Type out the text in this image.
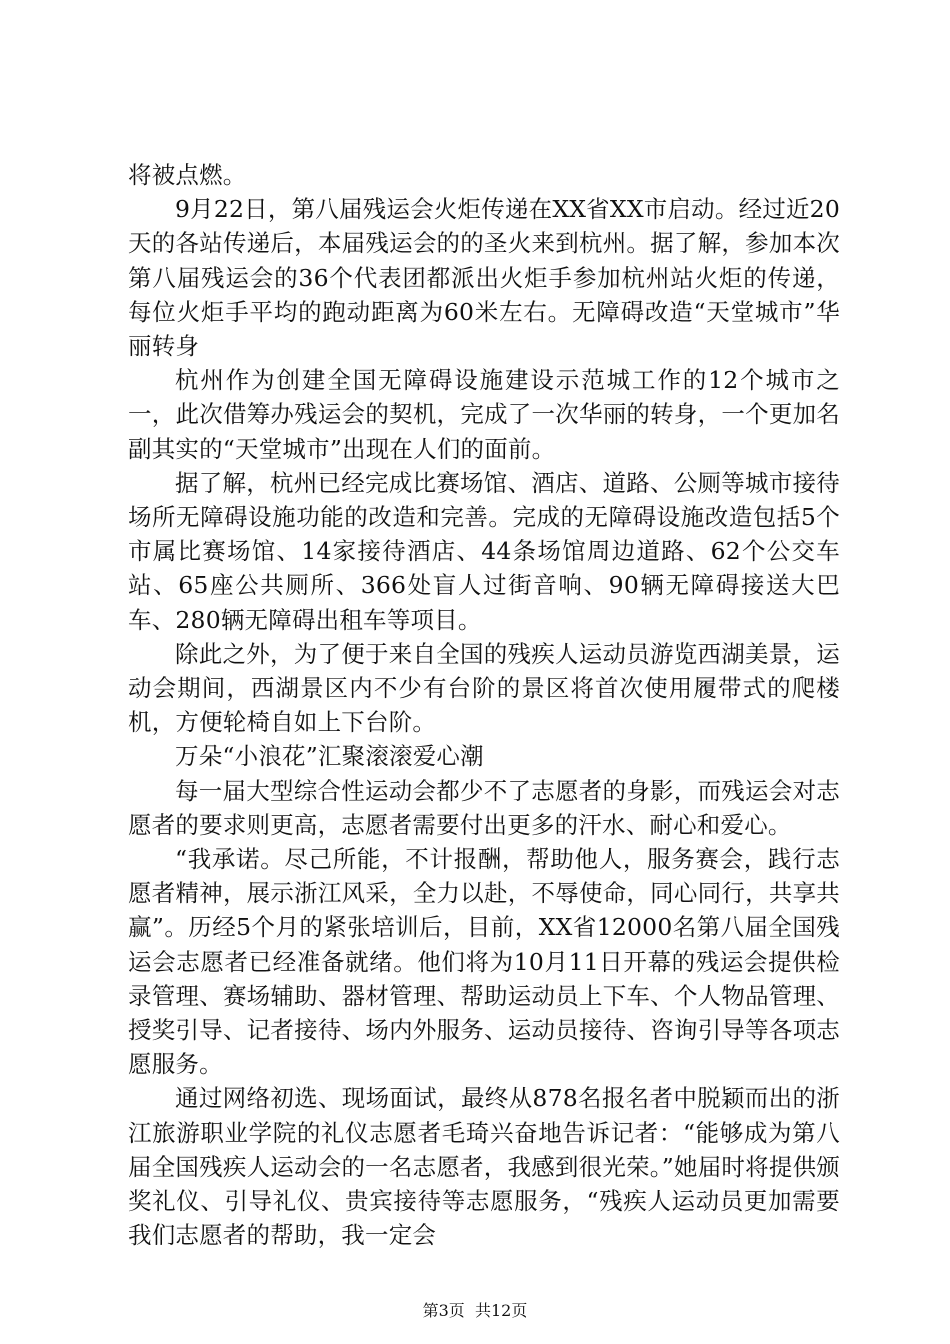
将被点燃。

9月22日，第八届残运会火炬传递在XX省XX市启动。经过近20天的各站传递后，本届残运会的的圣火来到杭州。据了解，参加本次第八届残运会的36个代表团都派出火炬手参加杭州站火炬的传递，每位火炬手平均的跑动距离为60米左右。无障碍改造“天堂城市”华丽转身

杭州作为创建全国无障碍设施建设示范城工作的12个城市之一，此次借筹办残运会的契机，完成了一次华丽的转身，一个更加名副其实的“天堂城市”出现在人们的面前。

据了解，杭州已经完成比赛场馆、酒店、道路、公厕等城市接待场所无障碍设施功能的改造和完善。完成的无障碍设施改造包括5个市属比赛场馆、14家接待酒店、44条场馆周边道路、62个公交车站、65座公共厕所、366处盲人过街音响、90辆无障碍接送大巴车、280辆无障碍出租车等项目。

除此之外，为了便于来自全国的残疾人运动员游览西湖美景，运动会期间，西湖景区内不少有台阶的景区将首次使用履带式的爬楼机，方便轮椅自如上下台阶。

万朵“小浪花”汇聚滚滚爱心潮

每一届大型综合性运动会都少不了志愿者的身影，而残运会对志愿者的要求则更高，志愿者需要付出更多的汗水、耐心和爱心。

“我承诺。尽己所能，不计报酬，帮助他人，服务赛会，践行志愿者精神，展示浙江风采，全力以赴，不辱使命，同心同行，共享共赢”。历经5个月的紧张培训后，目前，XX省12000名第八届全国残运会志愿者已经准备就绪。他们将为10月11日开幕的残运会提供检录管理、赛场辅助、器材管理、帮助运动员上下车、个人物品管理、授奖引导、记者接待、场内外服务、运动员接待、咨询引导等各项志愿服务。

通过网络初选、现场面试，最终从878名报名者中脱颖而出的浙江旅游职业学院的礼仪志愿者毛琦兴奋地告诉记者：“能够成为第八届全国残疾人运动会的一名志愿者，我感到很光荣。”她届时将提供颁奖礼仪、引导礼仪、贵宾接待等志愿服务，“残疾人运动员更加需要我们志愿者的帮助，我一定会

第3页 共12页
